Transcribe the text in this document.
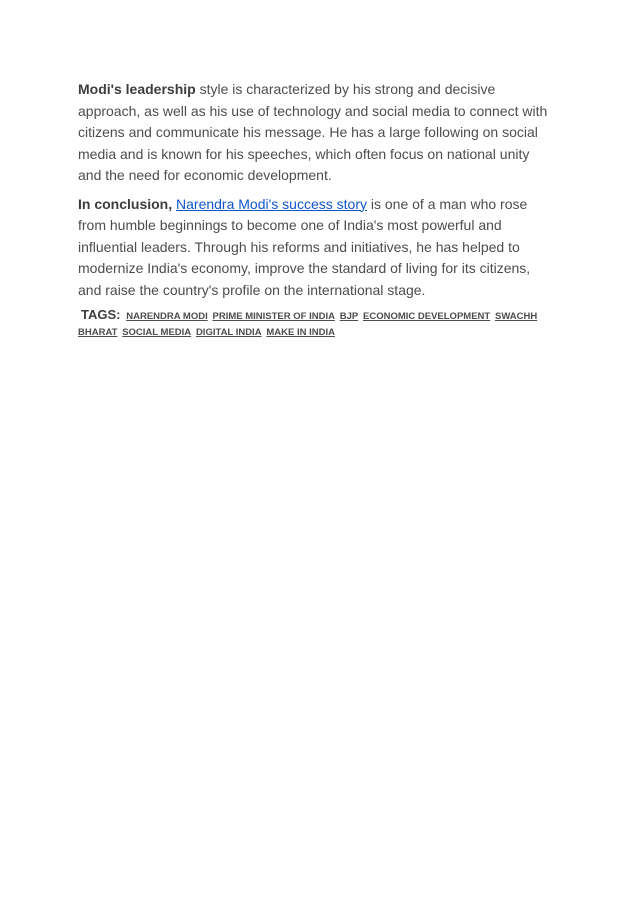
Modi's leadership style is characterized by his strong and decisive approach, as well as his use of technology and social media to connect with citizens and communicate his message. He has a large following on social media and is known for his speeches, which often focus on national unity and the need for economic development.

In conclusion, Narendra Modi's success story is one of a man who rose from humble beginnings to become one of India's most powerful and influential leaders. Through his reforms and initiatives, he has helped to modernize India's economy, improve the standard of living for its citizens, and raise the country's profile on the international stage.

TAGS: NARENDRA MODI PRIME MINISTER OF INDIA BJP ECONOMIC DEVELOPMENT SWACHH BHARAT SOCIAL MEDIA DIGITAL INDIA MAKE IN INDIA
